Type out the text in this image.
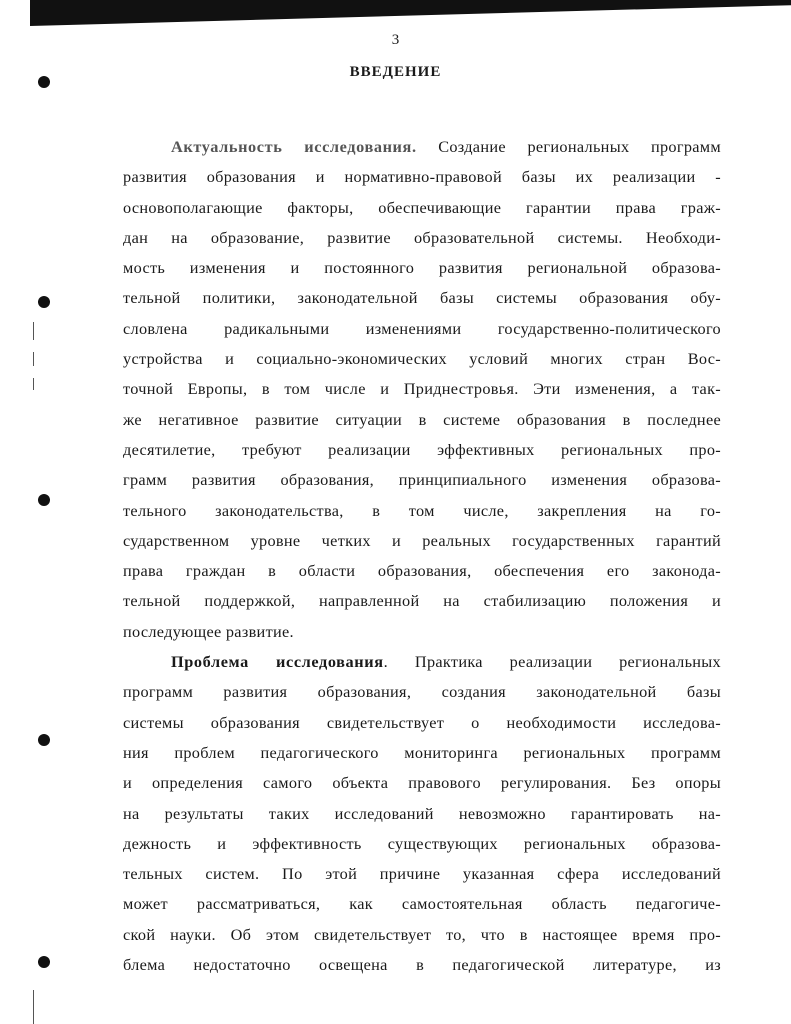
3
ВВЕДЕНИЕ
Актуальность исследования. Создание региональных программ
развития образования и нормативно-правовой базы их реализации -
основополагающие факторы, обеспечивающие гарантии права граж-
дан на образование, развитие образовательной системы. Необходи-
мость изменения и постоянного развития региональной образова-
тельной политики, законодательной базы системы образования обу-
словлена радикальными изменениями государственно-политического
устройства и социально-экономических условий многих стран Вос-
точной Европы, в том числе и Приднестровья. Эти изменения, а так-
же негативное развитие ситуации в системе образования в последнее
десятилетие, требуют реализации эффективных региональных про-
грамм развития образования, принципиального изменения образова-
тельного законодательства, в том числе, закрепления на го-
сударственном уровне четких и реальных государственных гарантий
права граждан в области образования, обеспечения его законода-
тельной поддержкой, направленной на стабилизацию положения и
последующее развитие.
Проблема исследования. Практика реализации региональных
программ развития образования, создания законодательной базы
системы образования свидетельствует о необходимости исследова-
ния проблем педагогического мониторинга региональных программ
и определения самого объекта правового регулирования. Без опоры
на результаты таких исследований невозможно гарантировать на-
дежность и эффективность существующих региональных образова-
тельных систем. По этой причине указанная сфера исследований
может рассматриваться, как самостоятельная область педагогиче-
ской науки. Об этом свидетельствует то, что в настоящее время про-
блема недостаточно освещена в педагогической литературе, из
